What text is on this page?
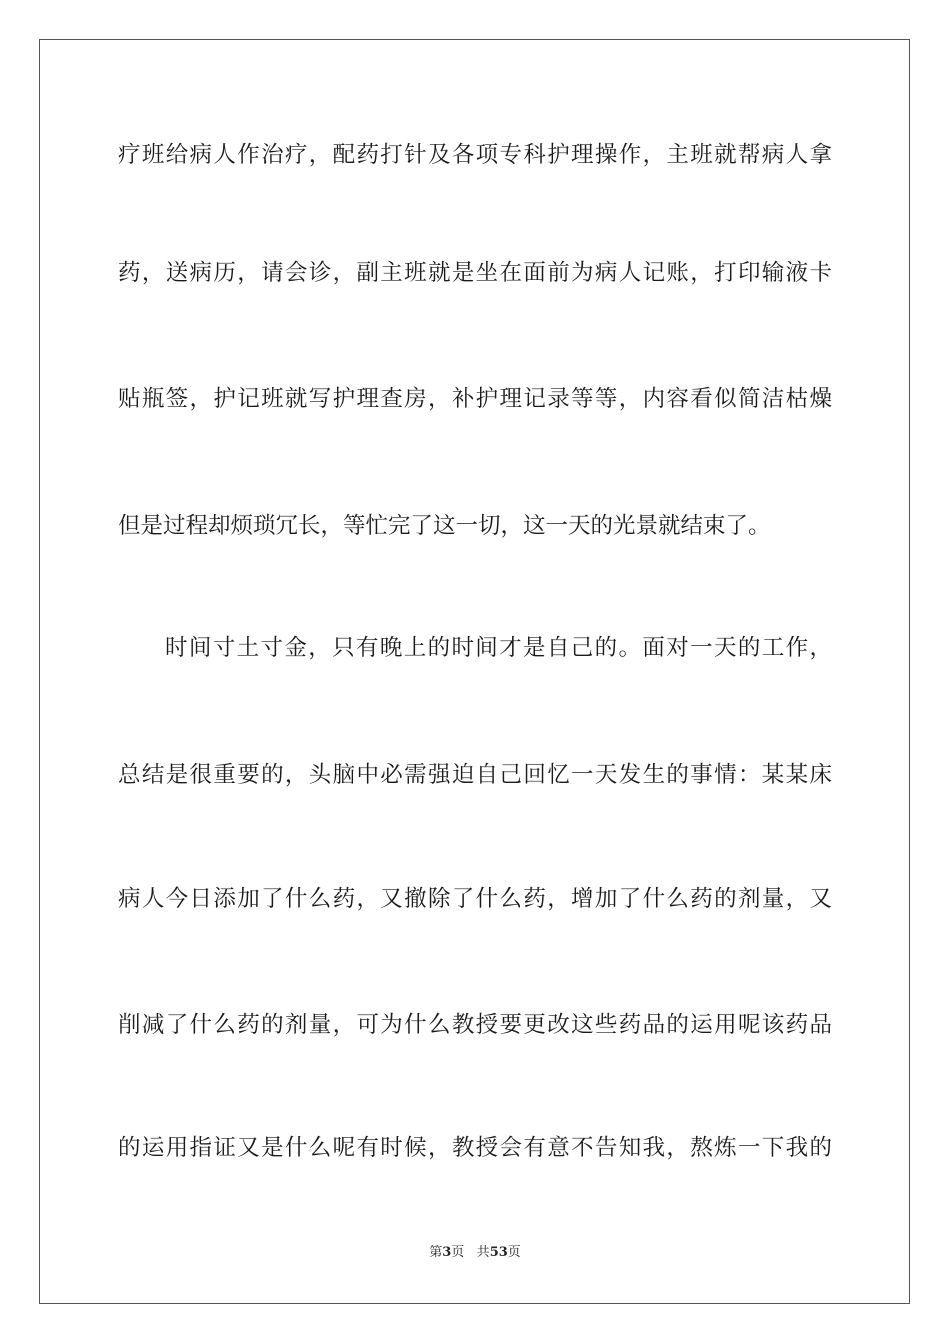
疗班给病人作治疗，配药打针及各项专科护理操作，主班就帮病人拿
药，送病历，请会诊，副主班就是坐在面前为病人记账，打印输液卡
贴瓶签，护记班就写护理查房，补护理记录等等，内容看似简洁枯燥
但是过程却烦琐冗长，等忙完了这一切，这一天的光景就结束了。
时间寸土寸金，只有晚上的时间才是自己的。面对一天的工作，
总结是很重要的，头脑中必需强迫自己回忆一天发生的事情：某某床
病人今日添加了什么药，又撤除了什么药，增加了什么药的剂量，又
削减了什么药的剂量，可为什么教授要更改这些药品的运用呢该药品
的运用指证又是什么呢有时候，教授会有意不告知我，熬炼一下我的
第3页 共53页
